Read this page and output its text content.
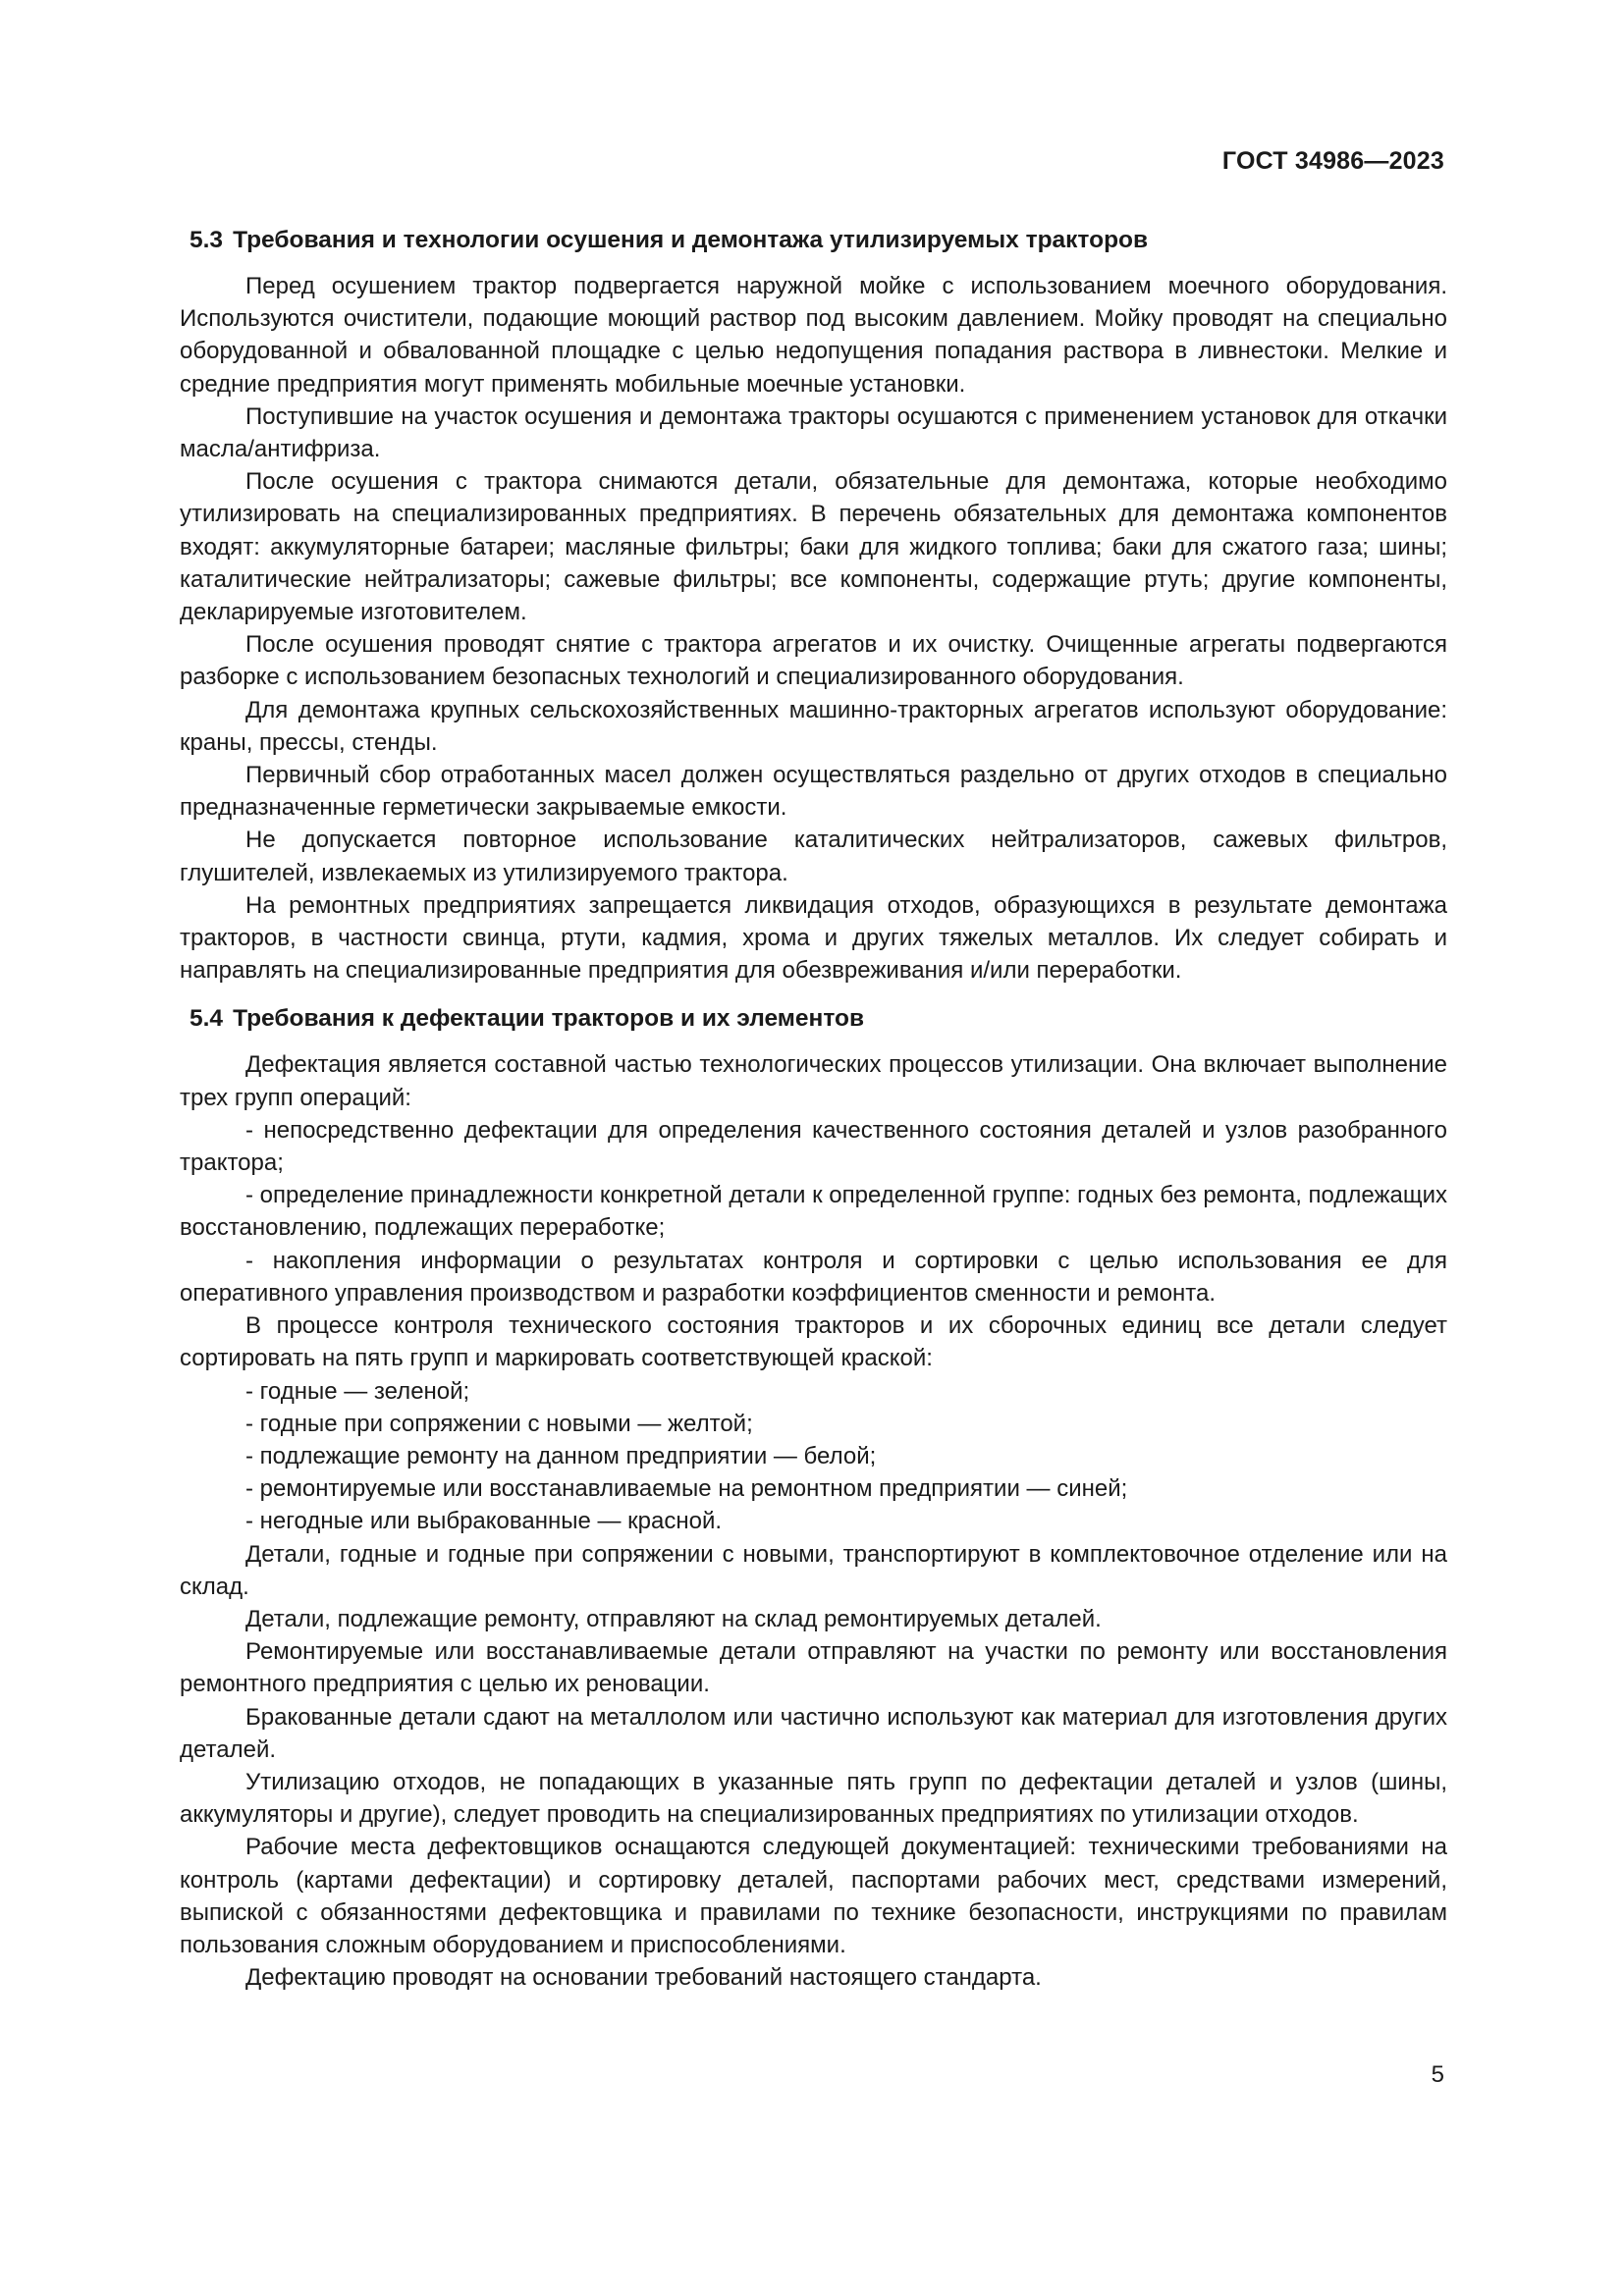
ГОСТ 34986—2023
5.3 Требования и технологии осушения и демонтажа утилизируемых тракторов

Перед осушением трактор подвергается наружной мойке с использованием моечного оборудования. Используются очистители, подающие моющий раствор под высоким давлением. Мойку проводят на специально оборудованной и обвалованной площадке с целью недопущения попадания раствора в ливнестоки. Мелкие и средние предприятия могут применять мобильные моечные установки.

Поступившие на участок осушения и демонтажа тракторы осушаются с применением установок для откачки масла/антифриза.

После осушения с трактора снимаются детали, обязательные для демонтажа, которые необходимо утилизировать на специализированных предприятиях. В перечень обязательных для демонтажа компонентов входят: аккумуляторные батареи; масляные фильтры; баки для жидкого топлива; баки для сжатого газа; шины; каталитические нейтрализаторы; сажевые фильтры; все компоненты, содержащие ртуть; другие компоненты, декларируемые изготовителем.

После осушения проводят снятие с трактора агрегатов и их очистку. Очищенные агрегаты подвергаются разборке с использованием безопасных технологий и специализированного оборудования.

Для демонтажа крупных сельскохозяйственных машинно-тракторных агрегатов используют оборудование: краны, прессы, стенды.

Первичный сбор отработанных масел должен осуществляться раздельно от других отходов в специально предназначенные герметически закрываемые емкости.

Не допускается повторное использование каталитических нейтрализаторов, сажевых фильтров, глушителей, извлекаемых из утилизируемого трактора.

На ремонтных предприятиях запрещается ликвидация отходов, образующихся в результате демонтажа тракторов, в частности свинца, ртути, кадмия, хрома и других тяжелых металлов. Их следует собирать и направлять на специализированные предприятия для обезвреживания и/или переработки.

5.4 Требования к дефектации тракторов и их элементов

Дефектация является составной частью технологических процессов утилизации. Она включает выполнение трех групп операций:

- непосредственно дефектации для определения качественного состояния деталей и узлов разобранного трактора;

- определение принадлежности конкретной детали к определенной группе: годных без ремонта, подлежащих восстановлению, подлежащих переработке;

- накопления информации о результатах контроля и сортировки с целью использования ее для оперативного управления производством и разработки коэффициентов сменности и ремонта.

В процессе контроля технического состояния тракторов и их сборочных единиц все детали следует сортировать на пять групп и маркировать соответствующей краской:

- годные — зеленой;

- годные при сопряжении с новыми — желтой;

- подлежащие ремонту на данном предприятии — белой;

- ремонтируемые или восстанавливаемые на ремонтном предприятии — синей;

- негодные или выбракованные — красной.

Детали, годные и годные при сопряжении с новыми, транспортируют в комплектовочное отделение или на склад.

Детали, подлежащие ремонту, отправляют на склад ремонтируемых деталей.

Ремонтируемые или восстанавливаемые детали отправляют на участки по ремонту или восстановления ремонтного предприятия с целью их реновации.

Бракованные детали сдают на металлолом или частично используют как материал для изготовления других деталей.

Утилизацию отходов, не попадающих в указанные пять групп по дефектации деталей и узлов (шины, аккумуляторы и другие), следует проводить на специализированных предприятиях по утилизации отходов.

Рабочие места дефектовщиков оснащаются следующей документацией: техническими требованиями на контроль (картами дефектации) и сортировку деталей, паспортами рабочих мест, средствами измерений, выпиской с обязанностями дефектовщика и правилами по технике безопасности, инструкциями по правилам пользования сложным оборудованием и приспособлениями.

Дефектацию проводят на основании требований настоящего стандарта.

5
